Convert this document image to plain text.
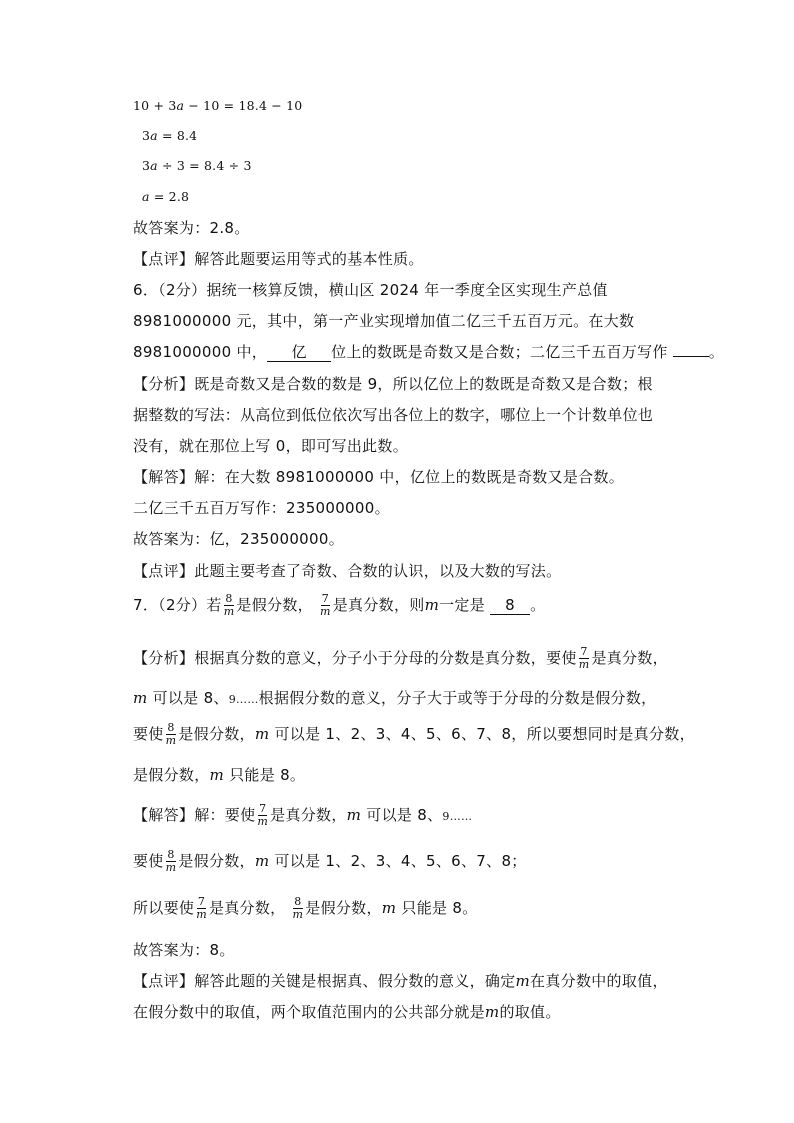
10 + 3a − 10 = 18.4 − 10
3a = 8.4
3a ÷ 3 = 8.4 ÷ 3
a = 2.8
故答案为：2.8。
【点评】解答此题要运用等式的基本性质。
6．（2分）据统一核算反馈，横山区 2024 年一季度全区实现生产总值
8981000000 元，其中，第一产业实现增加值二亿三千五百万元。在大数
8981000000 中， 亿 位上的数既是奇数又是合数；二亿三千五百万写作	。
【分析】既是奇数又是合数的数是 9，所以亿位上的数既是奇数又是合数；根
据整数的写法：从高位到低位依次写出各位上的数字，哪位上一个计数单位也
没有，就在那位上写 0，即可写出此数。
【解答】解：在大数 8981000000 中，亿位上的数既是奇数又是合数。
二亿三千五百万写作：235000000。
故答案为：亿，235000000。
【点评】此题主要考查了奇数、合数的认识，以及大数的写法。
7．（2分）若 $\frac{8}{m}$ 是假分数， $\frac{7}{m}$ 是真分数，则m一定是 8 。
【分析】根据真分数的意义，分子小于分母的分数是真分数，要使 $\frac{7}{m}$ 是真分数，
m 可以是 8、9……根据假分数的意义，分子大于或等于分母的分数是假分数，
要使 $\frac{8}{m}$ 是假分数，m 可以是 1、2、3、4、5、6、7、8，所以要想同时是真分数，
是假分数，m 只能是 8。
【解答】解：要使 $\frac{7}{m}$ 是真分数，m 可以是 8、9……
要使 $\frac{8}{m}$ 是假分数，m 可以是 1、2、3、4、5、6、7、8；
所以要使 $\frac{7}{m}$ 是真分数， $\frac{8}{m}$ 是假分数，m 只能是 8。
故答案为：8。
【点评】解答此题的关键是根据真、假分数的意义，确定m在真分数中的取值，
在假分数中的取值，两个取值范围内的公共部分就是m的取值。
